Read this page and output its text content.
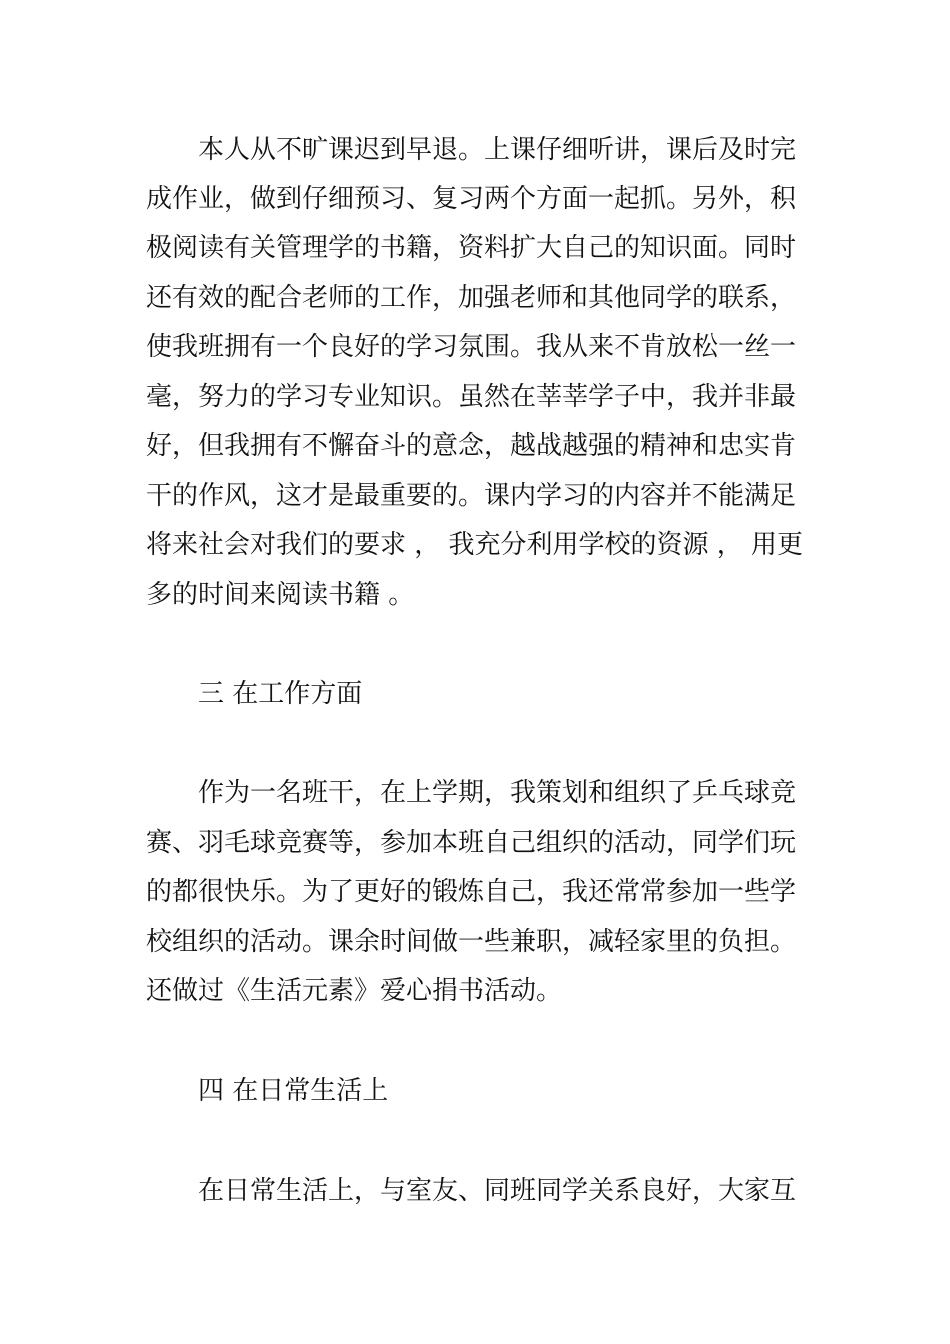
本人从不旷课迟到早退。上课仔细听讲，课后及时完
成作业，做到仔细预习、复习两个方面一起抓。另外，积
极阅读有关管理学的书籍，资料扩大自己的知识面。同时
还有效的配合老师的工作，加强老师和其他同学的联系，
使我班拥有一个良好的学习氛围。我从来不肯放松一丝一
毫，努力的学习专业知识。虽然在莘莘学子中，我并非最
好，但我拥有不懈奋斗的意念，越战越强的精神和忠实肯
干的作风，这才是最重要的。课内学习的内容并不能满足
将来社会对我们的要求 ， 我充分利用学校的资源 ， 用更
多的时间来阅读书籍 。
三 在工作方面
作为一名班干，在上学期，我策划和组织了乒乓球竞
赛、羽毛球竞赛等，参加本班自己组织的活动，同学们玩
的都很快乐。为了更好的锻炼自己，我还常常参加一些学
校组织的活动。课余时间做一些兼职，减轻家里的负担。
还做过《生活元素》爱心捐书活动。
四 在日常生活上
在日常生活上，与室友、同班同学关系良好，大家互
